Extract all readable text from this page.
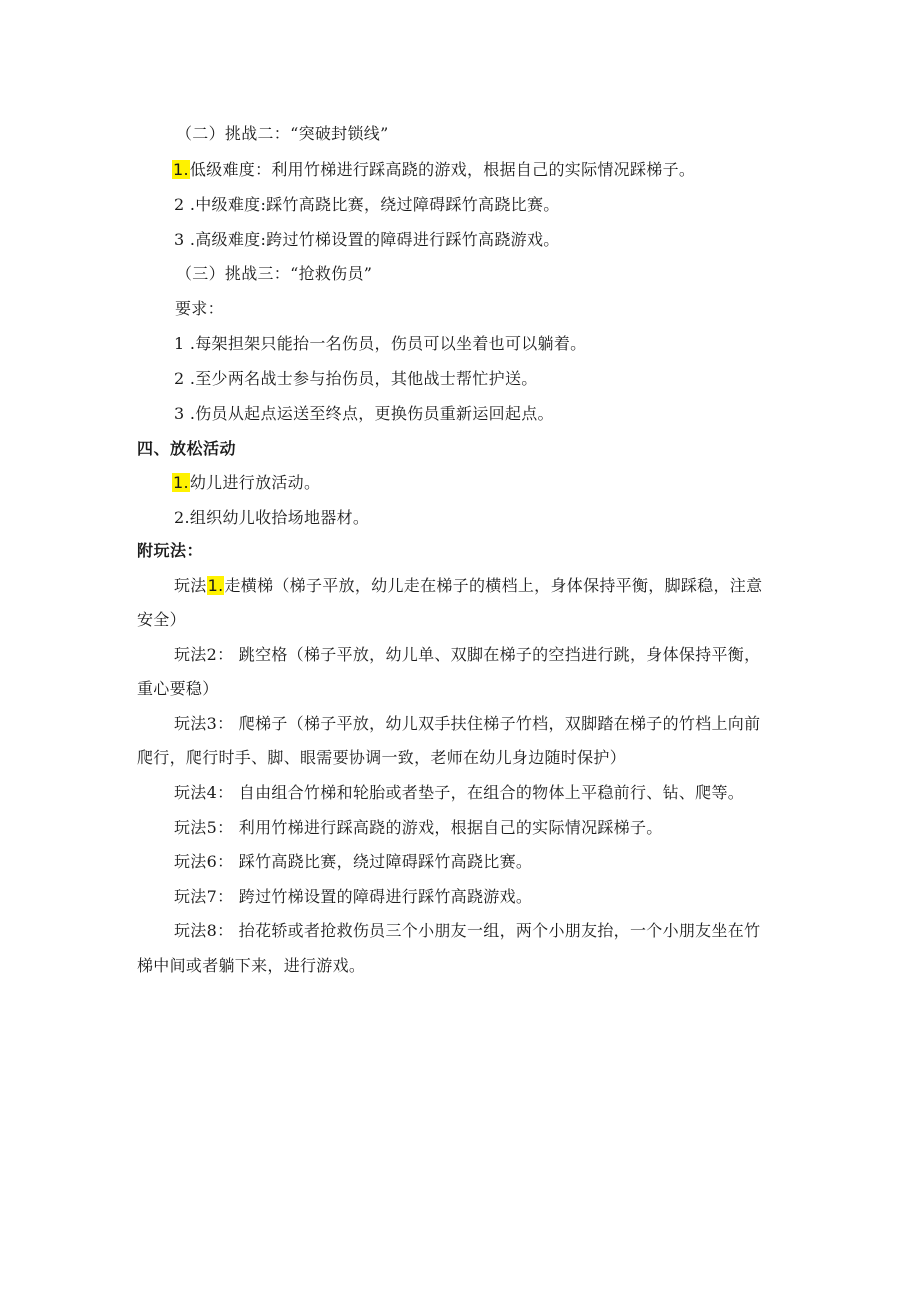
（二）挑战二：“突破封锁线”
1.低级难度：利用竹梯进行踩高跷的游戏，根据自己的实际情况踩梯子。
2 .中级难度:踩竹高跷比赛，绕过障碍踩竹高跷比赛。
3 .高级难度:跨过竹梯设置的障碍进行踩竹高跷游戏。
（三）挑战三：“抢救伤员”
要求：
1 .每架担架只能抬一名伤员，伤员可以坐着也可以躺着。
2 .至少两名战士参与抬伤员，其他战士帮忙护送。
3 .伤员从起点运送至终点，更换伤员重新运回起点。
四、放松活动
1.幼儿进行放活动。
2.组织幼儿收拾场地器材。
附玩法：
玩法1.走横梯（梯子平放，幼儿走在梯子的横档上，身体保持平衡，脚踩稳，注意
安全）
玩法2： 跳空格（梯子平放，幼儿单、双脚在梯子的空挡进行跳，身体保持平衡，
重心要稳）
玩法3： 爬梯子（梯子平放，幼儿双手扶住梯子竹档，双脚踏在梯子的竹档上向前
爬行，爬行时手、脚、眼需要协调一致，老师在幼儿身边随时保护）
玩法4： 自由组合竹梯和轮胎或者垫子，在组合的物体上平稳前行、钻、爬等。
玩法5： 利用竹梯进行踩高跷的游戏，根据自己的实际情况踩梯子。
玩法6： 踩竹高跷比赛，绕过障碍踩竹高跷比赛。
玩法7： 跨过竹梯设置的障碍进行踩竹高跷游戏。
玩法8： 抬花轿或者抢救伤员三个小朋友一组，两个小朋友抬，一个小朋友坐在竹
梯中间或者躺下来，进行游戏。
